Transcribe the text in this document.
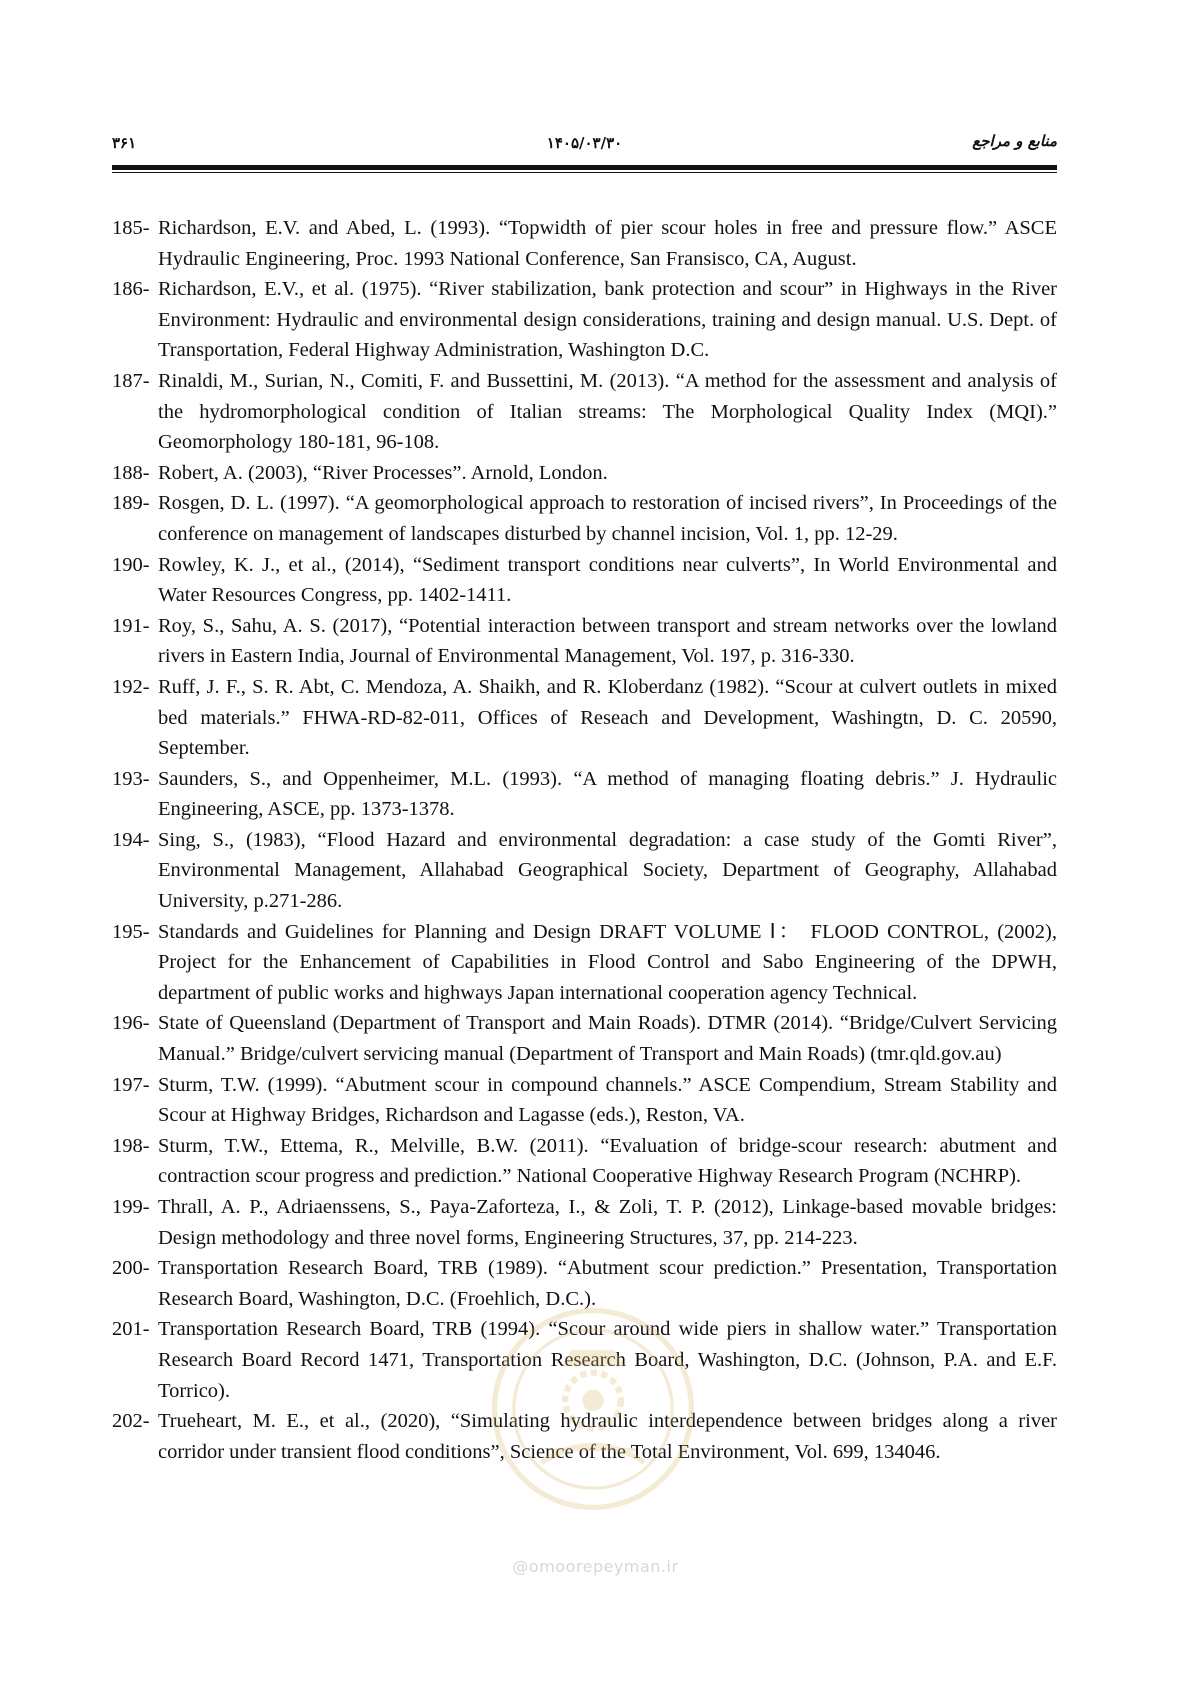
۳۶۱	۱۴۰۵/۰۳/۳۰	منابع و مراجع
185- Richardson, E.V. and Abed, L. (1993). “Topwidth of pier scour holes in free and pressure flow.” ASCE Hydraulic Engineering, Proc. 1993 National Conference, San Fransisco, CA, August.
186- Richardson, E.V., et al. (1975). “River stabilization, bank protection and scour” in Highways in the River Environment: Hydraulic and environmental design considerations, training and design manual. U.S. Dept. of Transportation, Federal Highway Administration, Washington D.C.
187- Rinaldi, M., Surian, N., Comiti, F. and Bussettini, M. (2013). “A method for the assessment and analysis of the hydromorphological condition of Italian streams: The Morphological Quality Index (MQI).” Geomorphology 180-181, 96-108.
188- Robert, A. (2003), “River Processes”. Arnold, London.
189- Rosgen, D. L. (1997). “A geomorphological approach to restoration of incised rivers”, In Proceedings of the conference on management of landscapes disturbed by channel incision, Vol. 1, pp. 12-29.
190- Rowley, K. J., et al., (2014), “Sediment transport conditions near culverts”, In World Environmental and Water Resources Congress, pp. 1402-1411.
191- Roy, S., Sahu, A. S. (2017), “Potential interaction between transport and stream networks over the lowland rivers in Eastern India, Journal of Environmental Management, Vol. 197, p. 316-330.
192- Ruff, J. F., S. R. Abt, C. Mendoza, A. Shaikh, and R. Kloberdanz (1982). “Scour at culvert outlets in mixed bed materials.” FHWA-RD-82-011, Offices of Reseach and Development, Washingtn, D. C. 20590, September.
193- Saunders, S., and Oppenheimer, M.L. (1993). “A method of managing floating debris.” J. Hydraulic Engineering, ASCE, pp. 1373-1378.
194- Sing, S., (1983), “Flood Hazard and environmental degradation: a case study of the Gomti River”, Environmental Management, Allahabad Geographical Society, Department of Geography, Allahabad University, p.271-286.
195- Standards and Guidelines for Planning and Design DRAFT VOLUME Ⅰ： FLOOD CONTROL, (2002), Project for the Enhancement of Capabilities in Flood Control and Sabo Engineering of the DPWH, department of public works and highways Japan international cooperation agency Technical.
196- State of Queensland (Department of Transport and Main Roads). DTMR (2014). “Bridge/Culvert Servicing Manual.” Bridge/culvert servicing manual (Department of Transport and Main Roads) (tmr.qld.gov.au)
197- Sturm, T.W. (1999). “Abutment scour in compound channels.” ASCE Compendium, Stream Stability and Scour at Highway Bridges, Richardson and Lagasse (eds.), Reston, VA.
198- Sturm, T.W., Ettema, R., Melville, B.W. (2011). “Evaluation of bridge-scour research: abutment and contraction scour progress and prediction.” National Cooperative Highway Research Program (NCHRP).
199- Thrall, A. P., Adriaenssens, S., Paya-Zaforteza, I., & Zoli, T. P. (2012), Linkage-based movable bridges: Design methodology and three novel forms, Engineering Structures, 37, pp. 214-223.
200- Transportation Research Board, TRB (1989). “Abutment scour prediction.” Presentation, Transportation Research Board, Washington, D.C. (Froehlich, D.C.).
201- Transportation Research Board, TRB (1994). “Scour around wide piers in shallow water.” Transportation Research Board Record 1471, Transportation Research Board, Washington, D.C. (Johnson, P.A. and E.F. Torrico).
202- Trueheart, M. E., et al., (2020), “Simulating hydraulic interdependence between bridges along a river corridor under transient flood conditions”, Science of the Total Environment, Vol. 699, 134046.
@omoorepeyman.ir
